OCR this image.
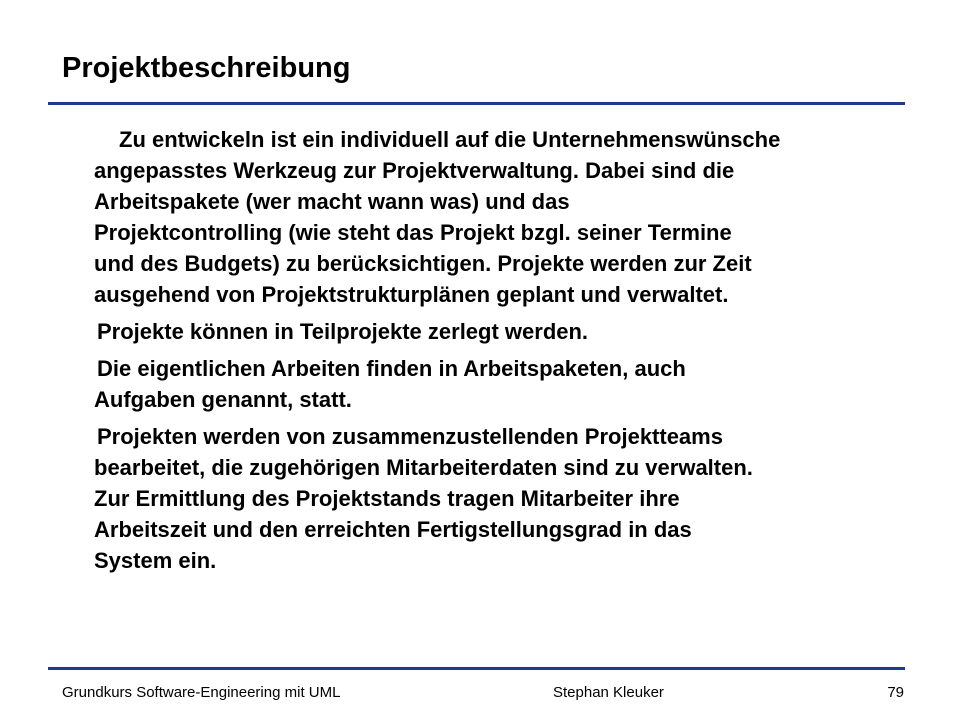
Projektbeschreibung
Zu entwickeln ist ein individuell auf die Unternehmenswünsche
angepasstes Werkzeug zur Projektverwaltung. Dabei sind die
Arbeitspakete (wer macht wann was) und das
Projektcontrolling (wie steht das Projekt bzgl. seiner Termine
und des Budgets) zu berücksichtigen. Projekte werden zur Zeit
ausgehend von Projektstrukturplänen geplant und verwaltet.
Projekte können in Teilprojekte zerlegt werden.
Die eigentlichen Arbeiten finden in Arbeitspaketen, auch
Aufgaben genannt, statt.
Projekten werden von zusammenzustellenden Projektteams
bearbeitet, die zugehörigen Mitarbeiterdaten sind zu verwalten.
Zur Ermittlung des Projektstands tragen Mitarbeiter ihre
Arbeitszeit und den erreichten Fertigstellungsgrad in das
System ein.
Grundkurs Software-Engineering mit UML	Stephan Kleuker	79
